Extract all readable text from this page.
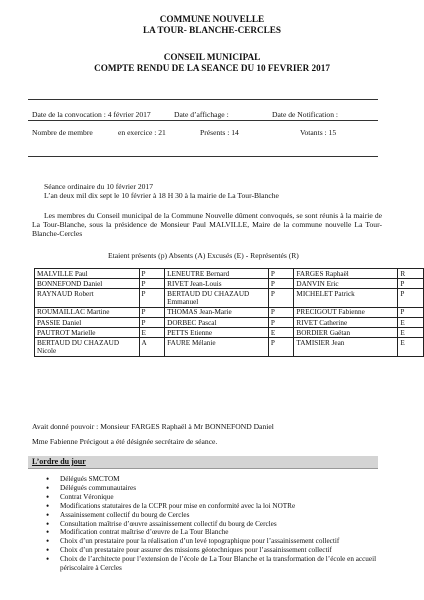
COMMUNE NOUVELLE
LA TOUR- BLANCHE-CERCLES
CONSEIL MUNICIPAL
COMPTE RENDU DE LA SEANCE DU 10 FEVRIER 2017
Date de la convocation : 4 février 2017	Date d’affichage :	Date de Notification :
Nombre de membre	en exercice : 21	Présents : 14	Votants : 15
Séance ordinaire du 10 février 2017
L’an deux mil dix sept le 10 février à 18 H 30 à la mairie de La Tour-Blanche
Les membres du Conseil municipal de la Commune Nouvelle dûment convoqués, se sont réunis à la mairie de La Tour-Blanche, sous la présidence de Monsieur Paul MALVILLE, Maire de la commune nouvelle La Tour-Blanche-Cercles
Etaient présents (p) Absents (A) Excusés (E) - Représentés (R)
MALVILLE Paul	P	LENEUTRE Bernard	P	FARGES Raphaël	R
BONNEFOND Daniel	P	RIVET Jean-Louis	P	DANVIN Eric	P
RAYNAUD Robert	P	BERTAUD DU CHAZAUD Emmanuel	P	MICHELET Patrick	P
ROUMAILLAC Martine	P	THOMAS Jean-Marie	P	PRECIGOUT Fabienne	P
PASSIE Daniel	P	DORBEC Pascal	P	RIVET Catherine	E
PAUTROT Marielle	E	PETTS Etienne	E	BORDIER Gaëtan	E
BERTAUD DU CHAZAUD Nicole	A	FAURE Mélanie	P	TAMISIER Jean	E
Avait donné pouvoir : Monsieur FARGES Raphaël à Mr BONNEFOND Daniel
Mme Fabienne Précigout a été désignée secrétaire de séance.
L’ordre du jour
• Délégués SMCTOM
• Délégués communautaires
• Contrat Véronique
• Modifications statutaires de la CCPR pour mise en conformité avec la loi NOTRe
• Assainissement collectif du bourg de Cercles
• Consultation maîtrise d’œuvre assainissement collectif du bourg de Cercles
• Modification contrat maîtrise d’œuvre de La Tour Blanche
• Choix d’un prestataire pour la réalisation d’un levé topographique pour l’assainissement collectif
• Choix d’un prestataire pour assurer des missions géotechniques pour l’assainissement collectif
• Choix de l’architecte pour l’extension de l’école de La Tour Blanche et la transformation de l’école en accueil périscolaire à Cercles
